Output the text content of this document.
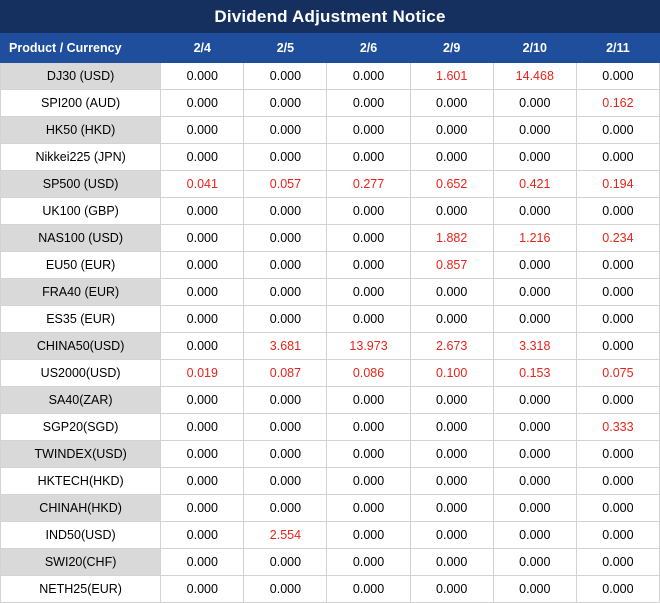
Dividend Adjustment Notice
Product / Currency	2/4	2/5	2/6	2/9	2/10	2/11
DJ30 (USD)	0.000	0.000	0.000	1.601	14.468	0.000
SPI200 (AUD)	0.000	0.000	0.000	0.000	0.000	0.162
HK50 (HKD)	0.000	0.000	0.000	0.000	0.000	0.000
Nikkei225 (JPN)	0.000	0.000	0.000	0.000	0.000	0.000
SP500 (USD)	0.041	0.057	0.277	0.652	0.421	0.194
UK100 (GBP)	0.000	0.000	0.000	0.000	0.000	0.000
NAS100 (USD)	0.000	0.000	0.000	1.882	1.216	0.234
EU50 (EUR)	0.000	0.000	0.000	0.857	0.000	0.000
FRA40 (EUR)	0.000	0.000	0.000	0.000	0.000	0.000
ES35 (EUR)	0.000	0.000	0.000	0.000	0.000	0.000
CHINA50(USD)	0.000	3.681	13.973	2.673	3.318	0.000
US2000(USD)	0.019	0.087	0.086	0.100	0.153	0.075
SA40(ZAR)	0.000	0.000	0.000	0.000	0.000	0.000
SGP20(SGD)	0.000	0.000	0.000	0.000	0.000	0.333
TWINDEX(USD)	0.000	0.000	0.000	0.000	0.000	0.000
HKTECH(HKD)	0.000	0.000	0.000	0.000	0.000	0.000
CHINAH(HKD)	0.000	0.000	0.000	0.000	0.000	0.000
IND50(USD)	0.000	2.554	0.000	0.000	0.000	0.000
SWI20(CHF)	0.000	0.000	0.000	0.000	0.000	0.000
NETH25(EUR)	0.000	0.000	0.000	0.000	0.000	0.000
